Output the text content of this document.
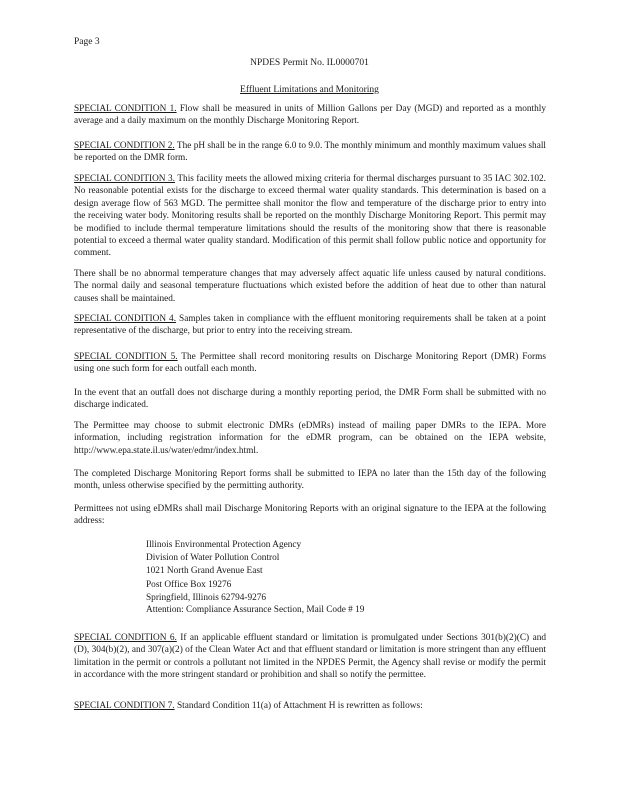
Page 3
NPDES Permit No. IL0000701
Effluent Limitations and Monitoring

SPECIAL CONDITION 1. Flow shall be measured in units of Million Gallons per Day (MGD) and reported as a monthly average and a daily maximum on the monthly Discharge Monitoring Report.

SPECIAL CONDITION 2. The pH shall be in the range 6.0 to 9.0. The monthly minimum and monthly maximum values shall be reported on the DMR form.

SPECIAL CONDITION 3. This facility meets the allowed mixing criteria for thermal discharges pursuant to 35 IAC 302.102. No reasonable potential exists for the discharge to exceed thermal water quality standards. This determination is based on a design average flow of 563 MGD. The permittee shall monitor the flow and temperature of the discharge prior to entry into the receiving water body. Monitoring results shall be reported on the monthly Discharge Monitoring Report. This permit may be modified to include thermal temperature limitations should the results of the monitoring show that there is reasonable potential to exceed a thermal water quality standard. Modification of this permit shall follow public notice and opportunity for comment.

There shall be no abnormal temperature changes that may adversely affect aquatic life unless caused by natural conditions. The normal daily and seasonal temperature fluctuations which existed before the addition of heat due to other than natural causes shall be maintained.

SPECIAL CONDITION 4. Samples taken in compliance with the effluent monitoring requirements shall be taken at a point representative of the discharge, but prior to entry into the receiving stream.

SPECIAL CONDITION 5. The Permittee shall record monitoring results on Discharge Monitoring Report (DMR) Forms using one such form for each outfall each month.

In the event that an outfall does not discharge during a monthly reporting period, the DMR Form shall be submitted with no discharge indicated.

The Permittee may choose to submit electronic DMRs (eDMRs) instead of mailing paper DMRs to the IEPA. More information, including registration information for the eDMR program, can be obtained on the IEPA website, http://www.epa.state.il.us/water/edmr/index.html.

The completed Discharge Monitoring Report forms shall be submitted to IEPA no later than the 15th day of the following month, unless otherwise specified by the permitting authority.

Permittees not using eDMRs shall mail Discharge Monitoring Reports with an original signature to the IEPA at the following address:

Illinois Environmental Protection Agency
Division of Water Pollution Control
1021 North Grand Avenue East
Post Office Box 19276
Springfield, Illinois 62794-9276
Attention: Compliance Assurance Section, Mail Code # 19

SPECIAL CONDITION 6. If an applicable effluent standard or limitation is promulgated under Sections 301(b)(2)(C) and (D), 304(b)(2), and 307(a)(2) of the Clean Water Act and that effluent standard or limitation is more stringent than any effluent limitation in the permit or controls a pollutant not limited in the NPDES Permit, the Agency shall revise or modify the permit in accordance with the more stringent standard or prohibition and shall so notify the permittee.

SPECIAL CONDITION 7. Standard Condition 11(a) of Attachment H is rewritten as follows:
